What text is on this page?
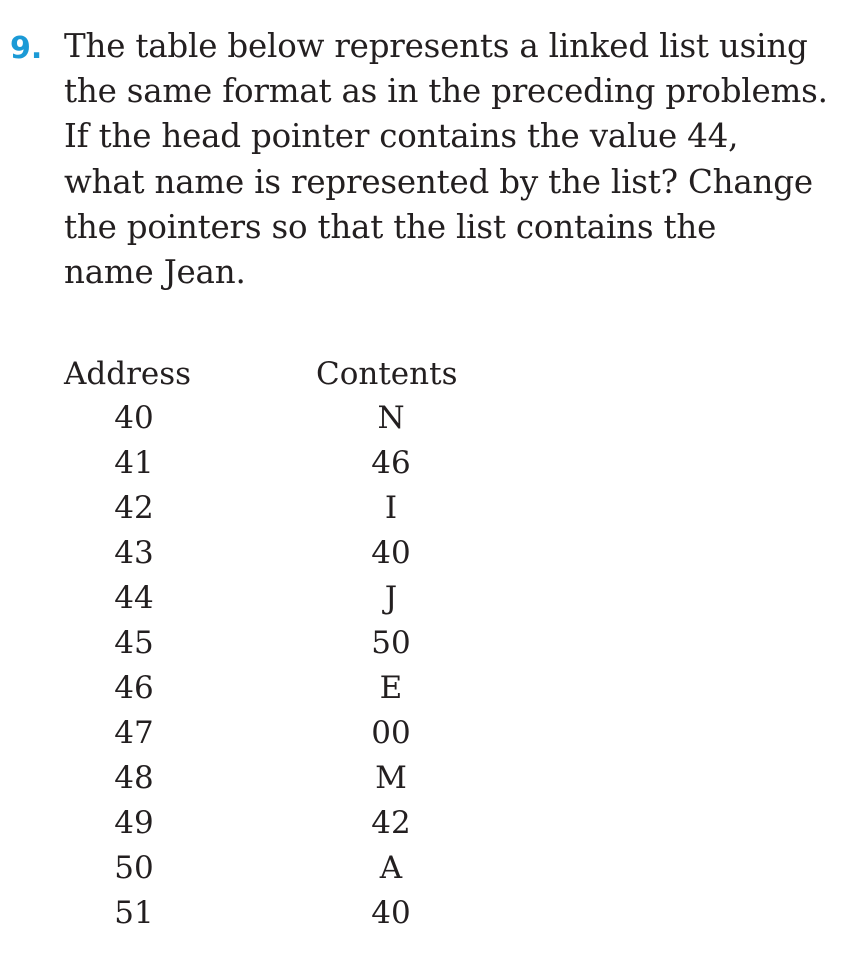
9. The table below represents a linked list using
the same format as in the preceding problems.
If the head pointer contains the value 44,
what name is represented by the list? Change
the pointers so that the list contains the
name Jean.

Address	Contents
40	N
41	46
42	I
43	40
44	J
45	50
46	E
47	00
48	M
49	42
50	A
51	40
